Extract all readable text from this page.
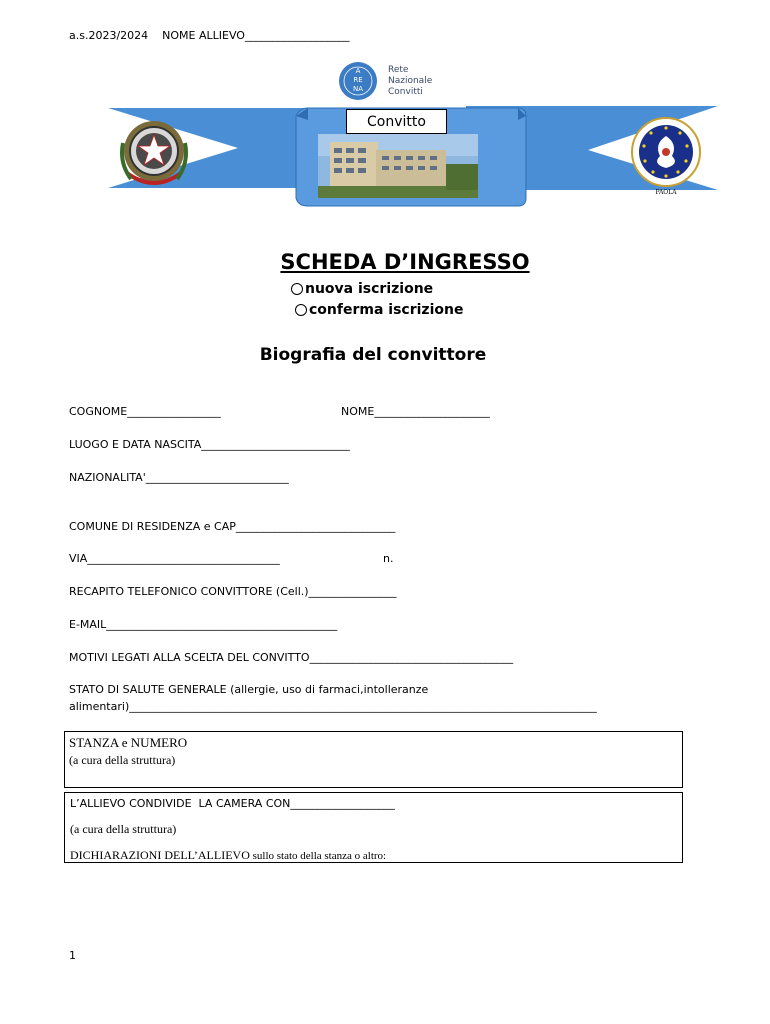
a.s.2023/2024 NOME ALLIEVO___________________
A
RE
NA
Rete
Nazionale
Convitti
PAOLA
Convitto
SCHEDA D’INGRESSO
nuova iscrizione
conferma iscrizione
Biografia del convittore
COGNOME_________________	NOME_____________________
LUOGO E DATA NASCITA___________________________
NAZIONALITA'__________________________
COMUNE DI RESIDENZA e CAP_____________________________
VIA___________________________________	n.
RECAPITO TELEFONICO CONVITTORE (Cell.)________________
E-MAIL__________________________________________
MOTIVI LEGATI ALLA SCELTA DEL CONVITTO_____________________________________
STATO DI SALUTE GENERALE (allergie, uso di farmaci,intolleranze
alimentari)_____________________________________________________________________________________
STANZA e NUMERO
(a cura della struttura)
L’ALLIEVO CONDIVIDE  LA CAMERA CON___________________
(a cura della struttura)
DICHIARAZIONI DELL’ALLIEVO sullo stato della stanza o altro:
1
